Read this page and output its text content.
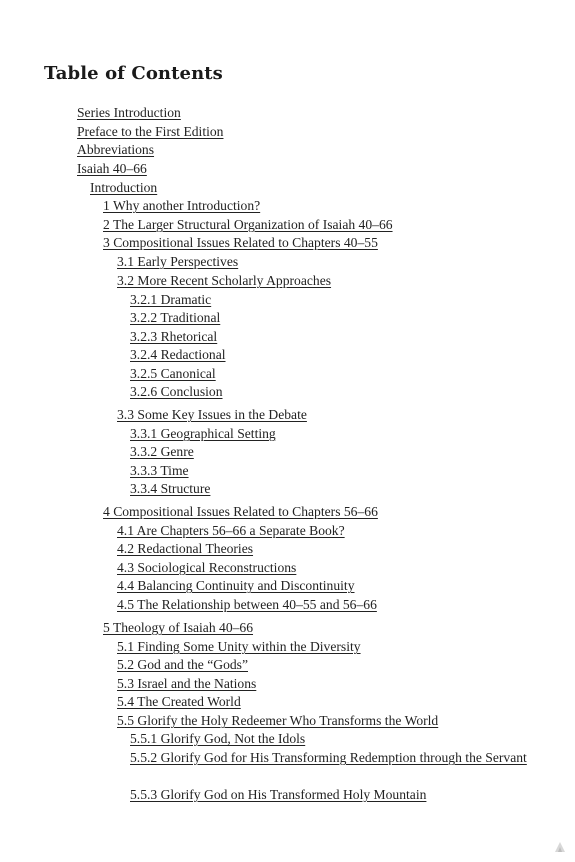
Table of Contents
Series Introduction
Preface to the First Edition
Abbreviations
Isaiah 40–66
Introduction
1 Why another Introduction?
2 The Larger Structural Organization of Isaiah 40–66
3 Compositional Issues Related to Chapters 40–55
3.1 Early Perspectives
3.2 More Recent Scholarly Approaches
3.2.1 Dramatic
3.2.2 Traditional
3.2.3 Rhetorical
3.2.4 Redactional
3.2.5 Canonical
3.2.6 Conclusion
3.3 Some Key Issues in the Debate
3.3.1 Geographical Setting
3.3.2 Genre
3.3.3 Time
3.3.4 Structure
4 Compositional Issues Related to Chapters 56–66
4.1 Are Chapters 56–66 a Separate Book?
4.2 Redactional Theories
4.3 Sociological Reconstructions
4.4 Balancing Continuity and Discontinuity
4.5 The Relationship between 40–55 and 56–66
5 Theology of Isaiah 40–66
5.1 Finding Some Unity within the Diversity
5.2 God and the “Gods”
5.3 Israel and the Nations
5.4 The Created World
5.5 Glorify the Holy Redeemer Who Transforms the World
5.5.1 Glorify God, Not the Idols
5.5.2 Glorify God for His Transforming Redemption through the Servant
5.5.3 Glorify God on His Transformed Holy Mountain
